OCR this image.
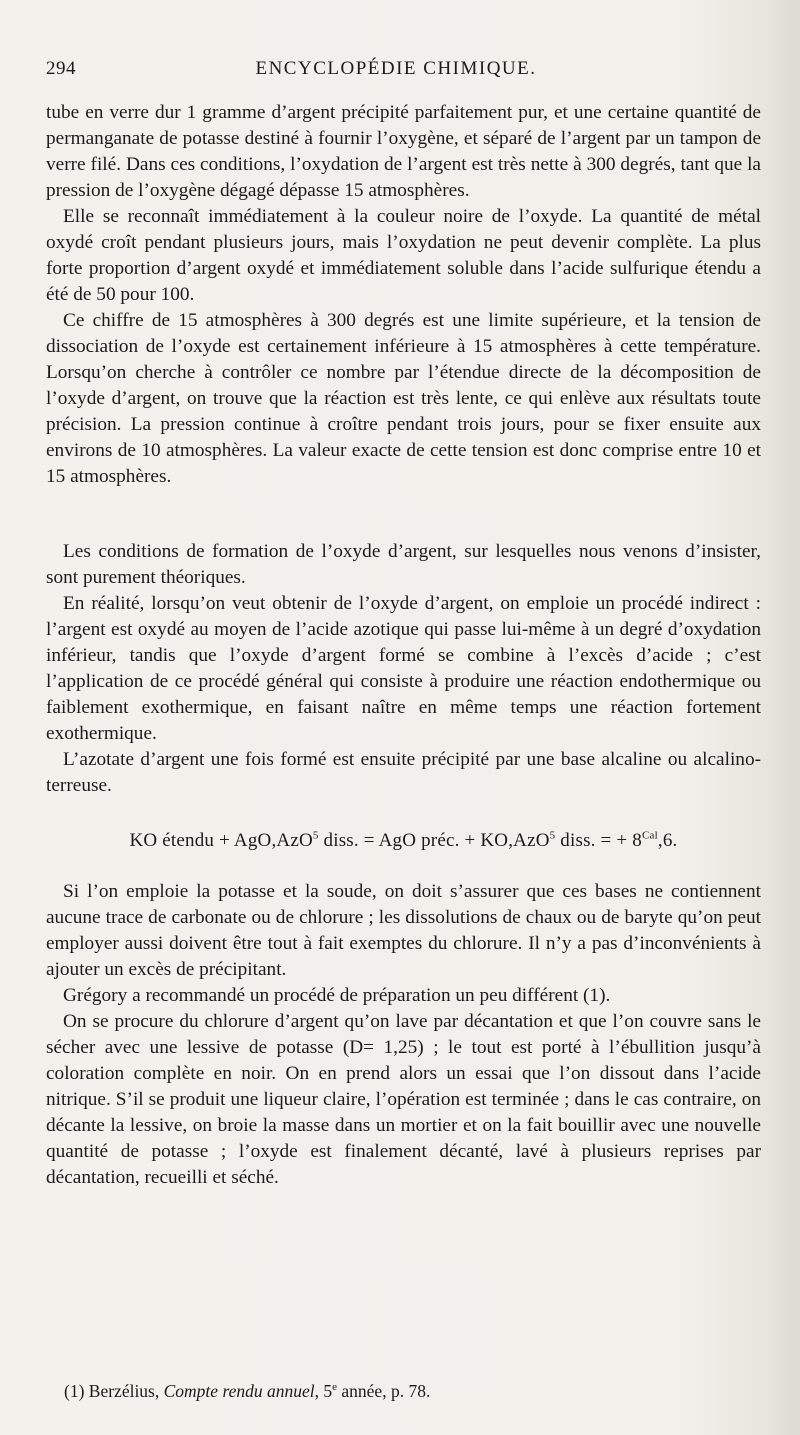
294	ENCYCLOPÉDIE CHIMIQUE.

tube en verre dur 1 gramme d’argent précipité parfaitement pur, et une certaine quantité de permanganate de potasse destiné à fournir l’oxygène, et séparé de l’argent par un tampon de verre filé. Dans ces conditions, l’oxydation de l’argent est très nette à 300 degrés, tant que la pression de l’oxygène dégagé dépasse 15 atmosphères.

Elle se reconnaît immédiatement à la couleur noire de l’oxyde. La quantité de métal oxydé croît pendant plusieurs jours, mais l’oxydation ne peut devenir complète. La plus forte proportion d’argent oxydé et immédiatement soluble dans l’acide sulfurique étendu a été de 50 pour 100.

Ce chiffre de 15 atmosphères à 300 degrés est une limite supérieure, et la tension de dissociation de l’oxyde est certainement inférieure à 15 atmosphères à cette température. Lorsqu’on cherche à contrôler ce nombre par l’étendue directe de la décomposition de l’oxyde d’argent, on trouve que la réaction est très lente, ce qui enlève aux résultats toute précision. La pression continue à croître pendant trois jours, pour se fixer ensuite aux environs de 10 atmosphères. La valeur exacte de cette tension est donc comprise entre 10 et 15 atmosphères.

Les conditions de formation de l’oxyde d’argent, sur lesquelles nous venons d’insister, sont purement théoriques.

En réalité, lorsqu’on veut obtenir de l’oxyde d’argent, on emploie un procédé indirect : l’argent est oxydé au moyen de l’acide azotique qui passe lui-même à un degré d’oxydation inférieur, tandis que l’oxyde d’argent formé se combine à l’excès d’acide ; c’est l’application de ce procédé général qui consiste à produire une réaction endothermique ou faiblement exothermique, en faisant naître en même temps une réaction fortement exothermique.

L’azotate d’argent une fois formé est ensuite précipité par une base alcaline ou alcalino-terreuse.

KO étendu + AgO,AzO$^5$ diss. = AgO préc. + KO,AzO$^5$ diss. = + $8^{Cal},6$.

Si l’on emploie la potasse et la soude, on doit s’assurer que ces bases ne contiennent aucune trace de carbonate ou de chlorure ; les dissolutions de chaux ou de baryte qu’on peut employer aussi doivent être tout à fait exemptes du chlorure. Il n’y a pas d’inconvénients à ajouter un excès de précipitant.

Grégory a recommandé un procédé de préparation un peu différent (1).

On se procure du chlorure d’argent qu’on lave par décantation et que l’on couvre sans le sécher avec une lessive de potasse (D= 1,25) ; le tout est porté à l’ébullition jusqu’à coloration complète en noir. On en prend alors un essai que l’on dissout dans l’acide nitrique. S’il se produit une liqueur claire, l’opération est terminée ; dans le cas contraire, on décante la lessive, on broie la masse dans un mortier et on la fait bouillir avec une nouvelle quantité de potasse ; l’oxyde est finalement décanté, lavé à plusieurs reprises par décantation, recueilli et séché.

(1) Berzélius, Compte rendu annuel, 5e année, p. 78.
